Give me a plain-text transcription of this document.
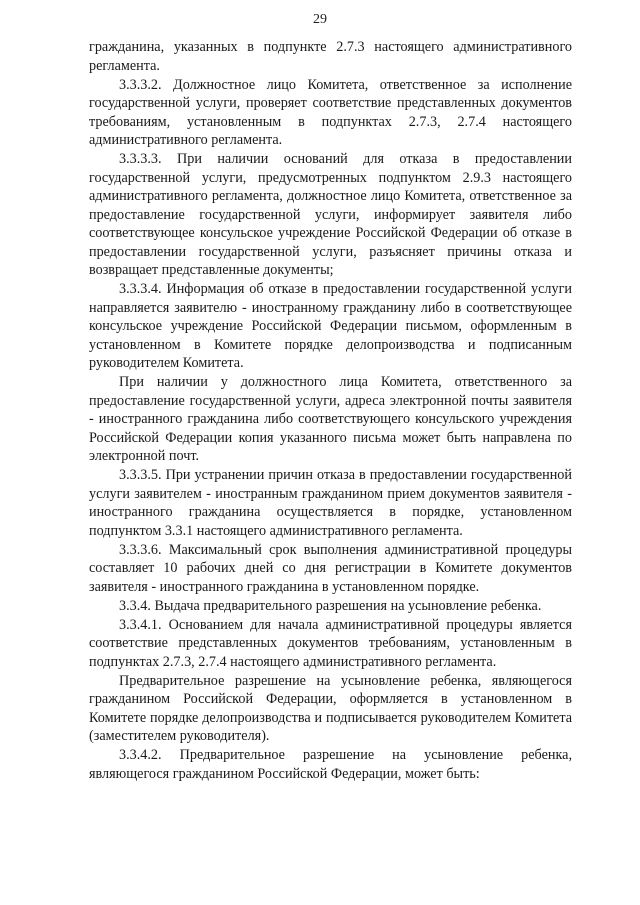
29

гражданина, указанных в подпункте 2.7.3 настоящего административного регламента.

3.3.3.2. Должностное лицо Комитета, ответственное за исполнение государственной услуги, проверяет соответствие представленных документов требованиям, установленным в подпунктах 2.7.3, 2.7.4 настоящего административного регламента.

3.3.3.3. При наличии оснований для отказа в предоставлении государственной услуги, предусмотренных подпунктом 2.9.3 настоящего административного регламента, должностное лицо Комитета, ответственное за предоставление государственной услуги, информирует заявителя либо соответствующее консульское учреждение Российской Федерации об отказе в предоставлении государственной услуги, разъясняет причины отказа и возвращает представленные документы;

3.3.3.4. Информация об отказе в предоставлении государственной услуги направляется заявителю - иностранному гражданину либо в соответствующее консульское учреждение Российской Федерации письмом, оформленным в установленном в Комитете порядке делопроизводства и подписанным руководителем Комитета.

При наличии у должностного лица Комитета, ответственного за предоставление государственной услуги, адреса электронной почты заявителя - иностранного гражданина либо соответствующего консульского учреждения Российской Федерации копия указанного письма может быть направлена по электронной почт.

3.3.3.5. При устранении причин отказа в предоставлении государственной услуги заявителем - иностранным гражданином прием документов заявителя - иностранного гражданина осуществляется в порядке, установленном подпунктом 3.3.1 настоящего административного регламента.

3.3.3.6. Максимальный срок выполнения административной процедуры составляет 10 рабочих дней со дня регистрации в Комитете документов заявителя - иностранного гражданина в установленном порядке.

3.3.4. Выдача предварительного разрешения на усыновление ребенка.

3.3.4.1. Основанием для начала административной процедуры является соответствие представленных документов требованиям, установленным в подпунктах 2.7.3, 2.7.4 настоящего административного регламента.

Предварительное разрешение на усыновление ребенка, являющегося гражданином Российской Федерации, оформляется в установленном в Комитете порядке делопроизводства и подписывается руководителем Комитета (заместителем руководителя).

3.3.4.2. Предварительное разрешение на усыновление ребенка, являющегося гражданином Российской Федерации, может быть:
